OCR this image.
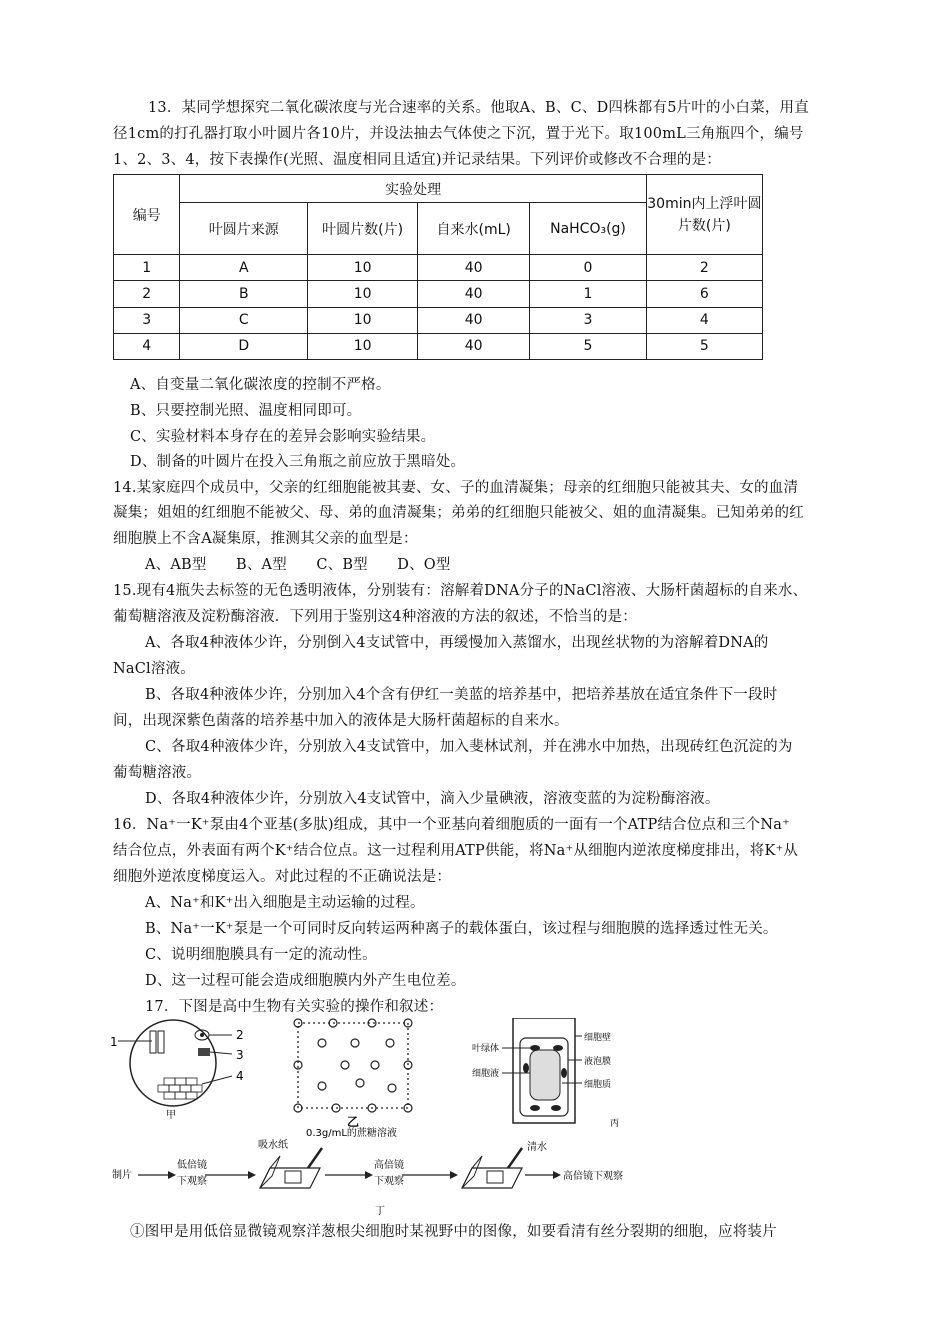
13．某同学想探究二氧化碳浓度与光合速率的关系。他取A、B、C、D四株都有5片叶的小白菜，用直
径1cm的打孔器打取小叶圆片各10片，并设法抽去气体使之下沉，置于光下。取100mL三角瓶四个，编号
1、2、3、4，按下表操作(光照、温度相同且适宜)并记录结果。下列评价或修改不合理的是：
编号	实验处理				30min内上浮叶圆片数(片)
	叶圆片来源	叶圆片数(片)	自来水(mL)	NaHCO₃(g)	
1	A	10	40	0	2
2	B	10	40	1	6
3	C	10	40	3	4
4	D	10	40	5	5
A、自变量二氧化碳浓度的控制不严格。
B、只要控制光照、温度相同即可。
C、实验材料本身存在的差异会影响实验结果。
D、制备的叶圆片在投入三角瓶之前应放于黑暗处。
14.某家庭四个成员中，父亲的红细胞能被其妻、女、子的血清凝集；母亲的红细胞只能被其夫、女的血清
凝集；姐姐的红细胞不能被父、母、弟的血清凝集；弟弟的红细胞只能被父、姐的血清凝集。已知弟弟的红
细胞膜上不含A凝集原，推测其父亲的血型是：
A、AB型　　B、A型　　C、B型　　D、O型
15.现有4瓶失去标签的无色透明液体，分别装有：溶解着DNA分子的NaCl溶液、大肠杆菌超标的自来水、
葡萄糖溶液及淀粉酶溶液．下列用于鉴别这4种溶液的方法的叙述，不恰当的是：
A、各取4种液体少许，分别倒入4支试管中，再缓慢加入蒸馏水，出现丝状物的为溶解着DNA的
NaCl溶液。
B、各取4种液体少许，分别加入4个含有伊红一美蓝的培养基中，把培养基放在适宜条件下一段时
间，出现深紫色菌落的培养基中加入的液体是大肠杆菌超标的自来水。
C、各取4种液体少许，分别放入4支试管中，加入斐林试剂，并在沸水中加热，出现砖红色沉淀的为
葡萄糖溶液。
D、各取4种液体少许，分别放入4支试管中，滴入少量碘液，溶液变蓝的为淀粉酶溶液。
16．Na⁺一K⁺泵由4个亚基(多肽)组成，其中一个亚基向着细胞质的一面有一个ATP结合位点和三个Na⁺
结合位点，外表面有两个K⁺结合位点。这一过程利用ATP供能，将Na⁺从细胞内逆浓度梯度排出，将K⁺从
细胞外逆浓度梯度运入。对此过程的不正确说法是：
A、Na⁺和K⁺出入细胞是主动运输的过程。
B、Na⁺一K⁺泵是一个可同时反向转运两种离子的载体蛋白，该过程与细胞膜的选择透过性无关。
C、说明细胞膜具有一定的流动性。
D、这一过程可能会造成细胞膜内外产生电位差。
17．下图是高中生物有关实验的操作和叙述：
1	2
3
4
甲	乙
细胞壁
液泡膜
细胞质
叶绿体
细胞液
丙
0.3g/mL的蔗糖溶液
制片
低倍镜
下观察
吸水纸
高倍镜
下观察
清水
高倍镜下观察
丁
①图甲是用低倍显微镜观察洋葱根尖细胞时某视野中的图像，如要看清有丝分裂期的细胞，应将装片
